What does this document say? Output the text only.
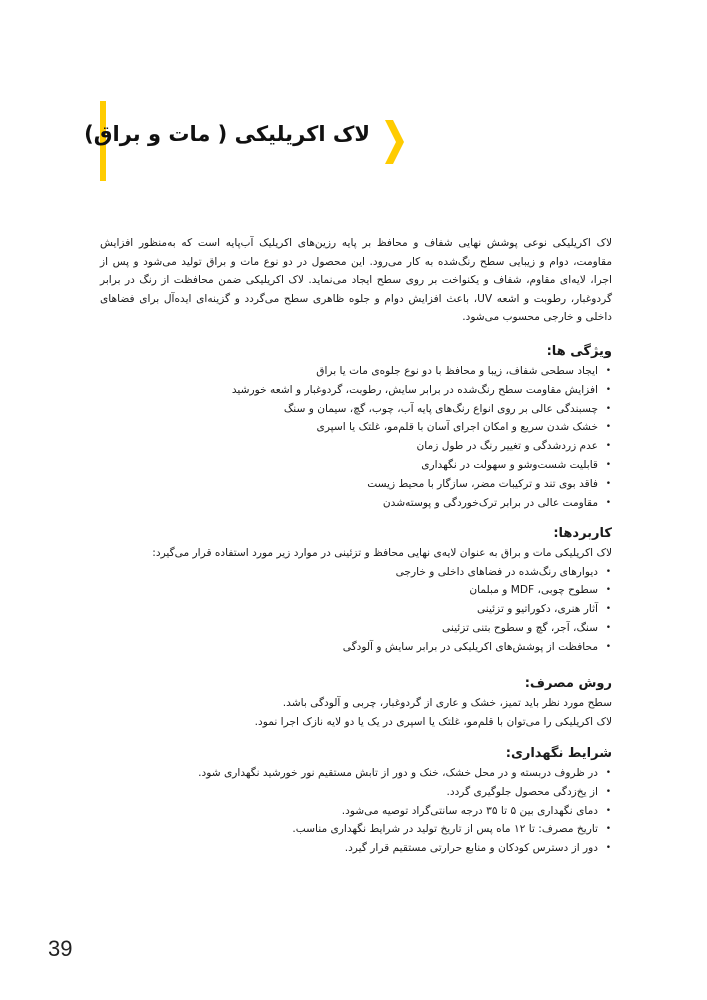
لاک اکریلیکی ( مات و براق)

لاک اکریلیکی نوعی پوشش نهایی شفاف و محافظ بر پایه رزین‌های اکریلیک آب‌پایه است که به‌منظور افزایش مقاومت، دوام و زیبایی سطح رنگ‌شده به کار می‌رود. این محصول در دو نوع مات و براق تولید می‌شود و پس از اجرا، لایه‌ای مقاوم، شفاف و یکنواخت بر روی سطح ایجاد می‌نماید. لاک اکریلیکی ضمن محافظت از رنگ در برابر گردوغبار، رطوبت و اشعه UV، باعث افزایش دوام و جلوه ظاهری سطح می‌گردد و گزینه‌ای ایده‌آل برای فضاهای داخلی و خارجی محسوب می‌شود.

ویژگی ها:
• ایجاد سطحی شفاف، زیبا و محافظ با دو نوع جلوه‌ی مات یا براق
• افزایش مقاومت سطح رنگ‌شده در برابر سایش، رطوبت، گردوغبار و اشعه خورشید
• چسبندگی عالی بر روی انواع رنگ‌های پایه آب، چوب، گچ، سیمان و سنگ
• خشک شدن سریع و امکان اجرای آسان با قلم‌مو، غلتک یا اسپری
• عدم زردشدگی و تغییر رنگ در طول زمان
• قابلیت شست‌وشو و سهولت در نگهداری
• فاقد بوی تند و ترکیبات مضر، سازگار با محیط زیست
• مقاومت عالی در برابر ترک‌خوردگی و پوسته‌شدن
کاربردها:

لاک اکریلیکی مات و براق به عنوان لایه‌ی نهایی محافظ و تزئینی در موارد زیر مورد استفاده قرار می‌گیرد:

• دیوارهای رنگ‌شده در فضاهای داخلی و خارجی
• سطوح چوبی، MDF و مبلمان
• آثار هنری، دکوراتیو و تزئینی
• سنگ، آجر، گچ و سطوح بتنی تزئینی
• محافظت از پوشش‌های اکریلیکی در برابر سایش و آلودگی
روش مصرف:

سطح مورد نظر باید تمیز، خشک و عاری از گردوغبار، چربی و آلودگی باشد.

لاک اکریلیکی را می‌توان با قلم‌مو، غلتک یا اسپری در یک یا دو لایه نازک اجرا نمود.

شرایط نگهداری:
• در ظروف دربسته و در محل خشک، خنک و دور از تابش مستقیم نور خورشید نگهداری شود.
• از یخ‌زدگی محصول جلوگیری گردد.
• دمای نگهداری بین ۵ تا ۳۵ درجه سانتی‌گراد توصیه می‌شود.
• تاریخ مصرف: تا ۱۲ ماه پس از تاریخ تولید در شرایط نگهداری مناسب.
• دور از دسترس کودکان و منابع حرارتی مستقیم قرار گیرد.
39
